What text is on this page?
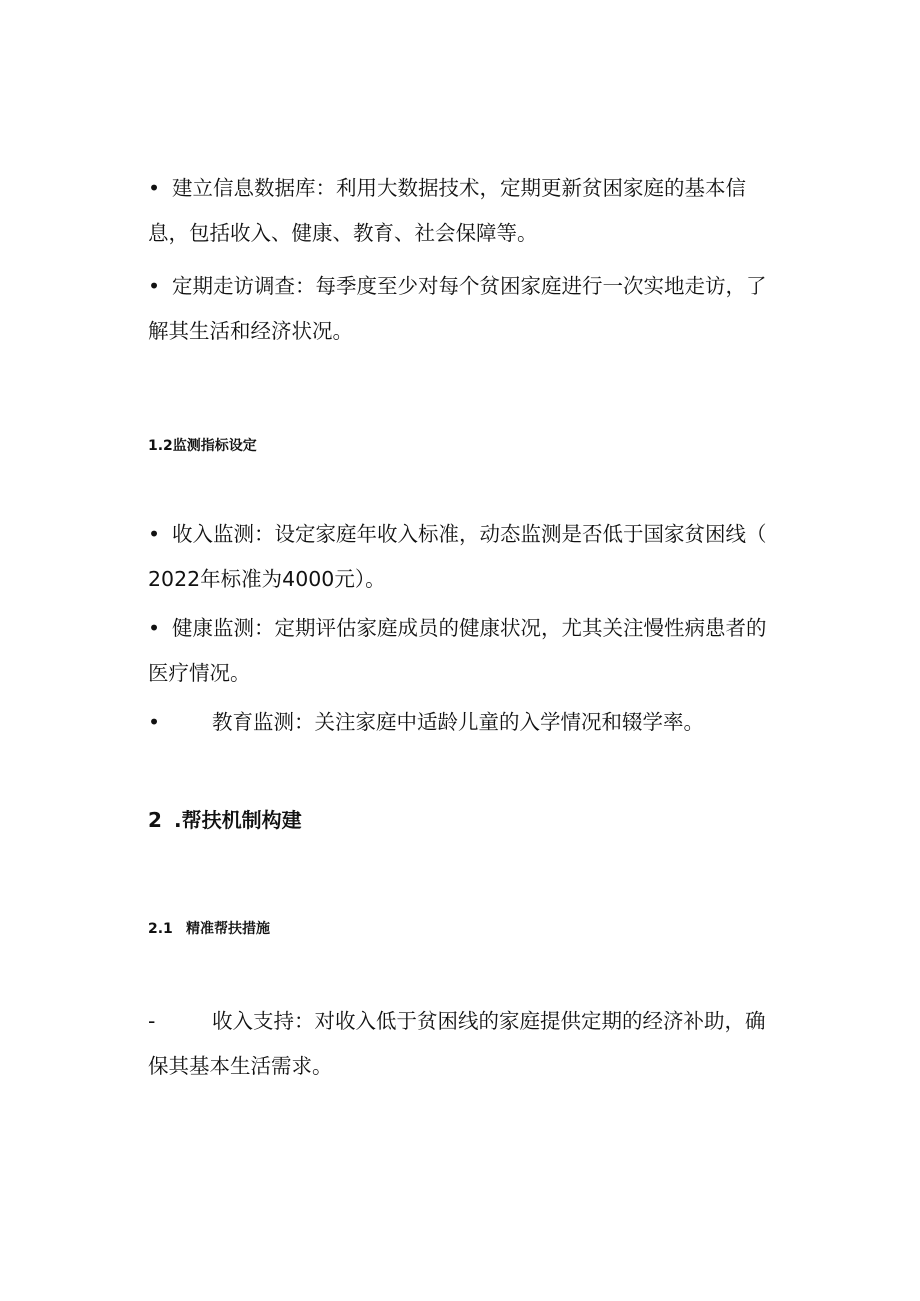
• 建立信息数据库：利用大数据技术，定期更新贫困家庭的基本信
息，包括收入、健康、教育、社会保障等。

• 定期走访调查：每季度至少对每个贫困家庭进行一次实地走访，了
解其生活和经济状况。

1.2监测指标设定

• 收入监测：设定家庭年收入标准，动态监测是否低于国家贫困线（
2022年标准为4000元）。

• 健康监测：定期评估家庭成员的健康状况，尤其关注慢性病患者的
医疗情况。

•	教育监测：关注家庭中适龄儿童的入学情况和辍学率。

2 .帮扶机制构建
2.1 精准帮扶措施

-	收入支持：对收入低于贫困线的家庭提供定期的经济补助，确
保其基本生活需求。
